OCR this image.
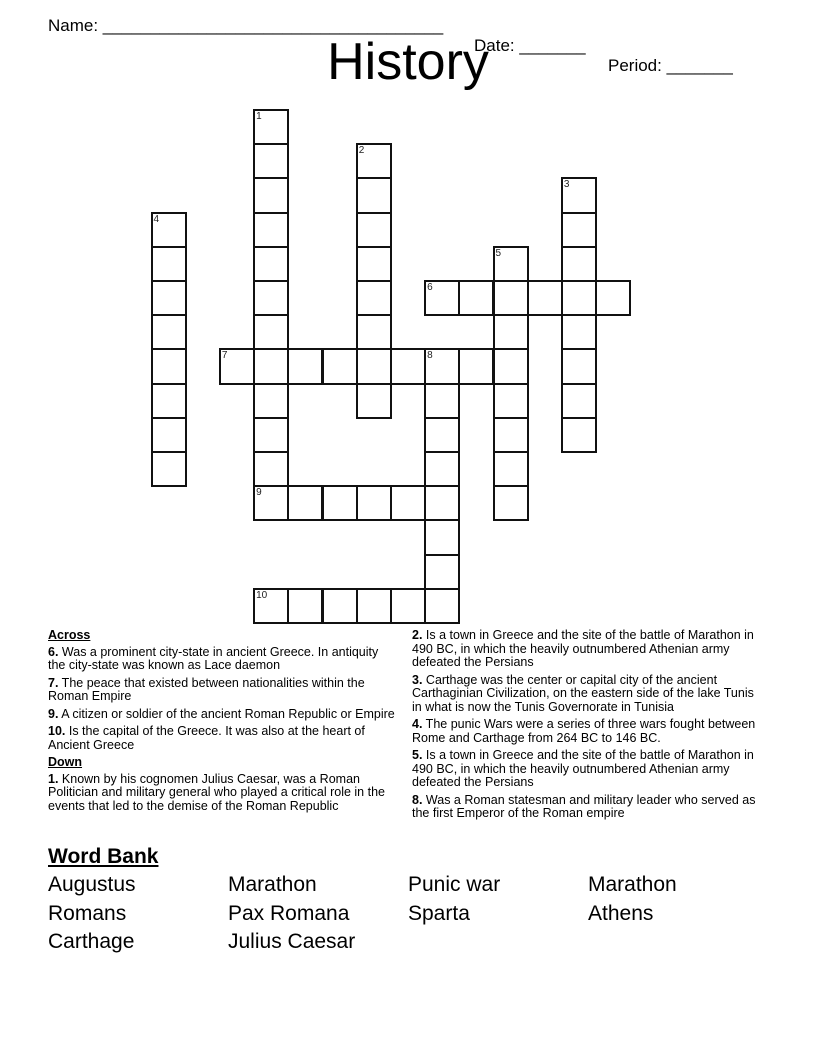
Name: ____________________________________

Date: _______

Period: _______

History
1
9
2
3
4
5
6
7	8
10
Across
6. Was a prominent city-state in ancient Greece. In antiquity the city-state was known as Lace daemon
7. The peace that existed between nationalities within the Roman Empire
9. A citizen or soldier of the ancient Roman Republic or Empire
10. Is the capital of the Greece. It was also at the heart of Ancient Greece
Down
1. Known by his cognomen Julius Caesar, was a Roman Politician and military general who played a critical role in the events that led to the demise of the Roman Republic
2. Is a town in Greece and the site of the battle of Marathon in 490 BC, in which the heavily outnumbered Athenian army defeated the Persians
3. Carthage was the center or capital city of the ancient Carthaginian Civilization, on the eastern side of the lake Tunis in what is now the Tunis Governorate in Tunisia
4. The punic Wars were a series of three wars fought between Rome and Carthage from 264 BC to 146 BC.
5. Is a town in Greece and the site of the battle of Marathon in 490 BC, in which the heavily outnumbered Athenian army defeated the Persians
8. Was a Roman statesman and military leader who served as the first Emperor of the Roman empire
Word Bank
Augustus	Marathon	Punic war	Marathon
Romans	Pax Romana	Sparta	Athens
Carthage	Julius Caesar
